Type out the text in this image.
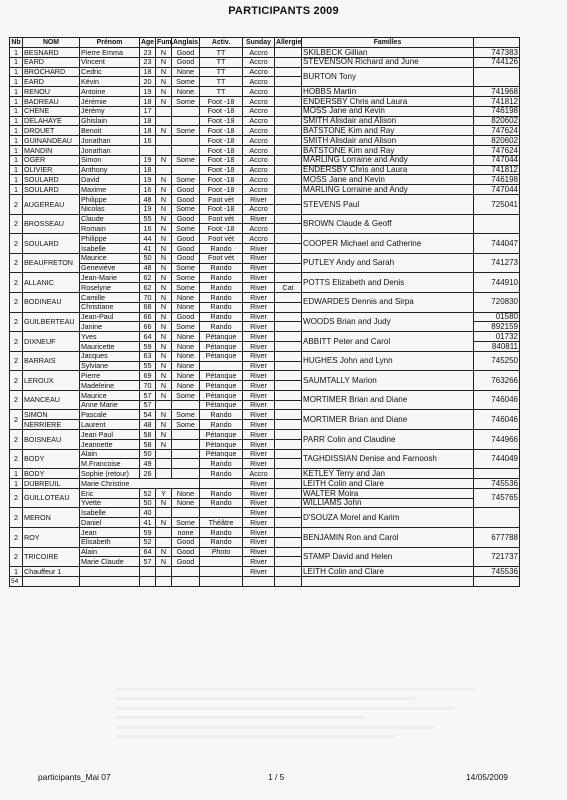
PARTICIPANTS 2009
Nb	NOM	Prénom	Age	Fum.	Anglais	Activ.	Sunday	Allergie	Familles	
1	BESNARD	Pierre Emma	23	N	Good	TT	Accro		SKILBECK Gillian	747383
1	EARD	Vincent	23	N	Good	TT	Accro		STEVENSON Richard and June	744126
1	BROCHARD	Cedric	18	N	None	TT	Accro		BURTON Tony	
1	EARD	Kévin	20	N	Some	TT	Accro			
1	RENOU	Antoine	19	N	None	TT	Accro		HOBBS Martin	741968
1	BADREAU	Jérémie	18	N	Some	Foot -18	Accro		ENDERSBY Chris and Laura	741812
1	CHENE	Jérémy	17			Foot -18	Accro		MOSS Jane and Kevin	746198
1	DELAHAYE	Ghislain	18			Foot -19	Accro		SMITH Alisdair and Alison	820602
1	DROUET	Benoit	18	N	Some	Foot -18	Accro		BATSTONE Kim and Ray	747624
1	GUINANDEAU	Jonathan	16			Foot -18	Accro		SMITH Alisdair and Alison	820602
1	MANDIN	Jonathan				Foot -18	Accro		BATSTONE Kim and Ray	747624
1	OGER	Simon	19	N	Some	Foot -18	Accro		MARLING Lorraine and Andy	747044
1	OLIVIER	Anthony	18			Foot -18	Accro		ENDERSBY Chris and Laura	741812
1	SOULARD	David	19	N	Some	Foot -18	Accro		MOSS Jane and Kevin	746198
1	SOULARD	Maxime	16	N	Good	Foot -18	Accro		MARLING Lorraine and Andy	747044
2	AUGEREAU	Philippe	48	N	Good	Foot vét	River		STEVENS Paul	725041
		Nicolas	19	N	Some	Foot -18	Accro			
2	BROSSEAU	Claude	55	N	Good	Foot vét	River		BROWN Claude & Geoff	
		Romain	16	N	Some	Foot -18	Accro			
2	SOULARD	Philippe	44	N	Good	Foot vét	Accro		COOPER Michael and Catherine	744047
		Isabelle	41	N	Good	Rando	River			
2	BEAUFRETON	Maurice	50	N	Good	Foot vét	River		PUTLEY Andy and Sarah	741273
		Geneviève	48	N	Some	Rando	River			
2	ALLANIC	Jean-Marie	62	N	Some	Rando	River		POTTS Elizabeth and Denis	744910
		Roselyne	62	N	Some	Rando	River	Cat		
2	BODINEAU	Camille	70	N	None	Rando	River		EDWARDES Dennis and Sirpa	720830
		Christiane	68	N	None	Rando	River			
2	GUILBERTEAU	Jean-Paul	66	N	Good	Rando	River		WOODS Brian and Judy	01580
		Janine	66	N	Some	Rando	River			892159
2	DIXNEUF	Yves	64	N	None	Pétanque	River		ABBITT Peter and Carol	01732
		Mauricette	59	N	None	Pétanque	River			840811
2	BARRAIS	Jacques	63	N	None	Pétanque	River		HUGHES John and Lynn	745250
		Sylviane	55	N	None		River			
2	LEROUX	Pierre	69	N	None	Pétanque	River		SAUMTALLY Marion	763266
		Madeleine	70	N	None	Pétanque	River			
2	MANCEAU	Maurice	57	N	Some	Pétanque	River		MORTIMER Brian and Diane	746046
		Anne Marie	57			Pétanque	River			
2	SIMON	Pascale	54	N	Some	Rando	River		MORTIMER Brian and Diane	746046
	NERRIERE	Laurent	48	N	Some	Rando	River			
2	BOISNEAU	Jean Paul	58	N		Pétanque	River		PARR Colin and Claudine	744966
		Jeannette	58	N		Pétanque	River			
2	BODY	Alain	50			Pétanque	River		TAGHDISSIAN Denise and Farnoosh	744049
		M.Francoise	49			Rando	River			
1	BODY	Sophie (retour)	26			Rando	Accro		KETLEY Terry and Jan	
1	DUBREUIL	Marie Christine					River		LEITH Colin and Clare	745536
2	GUILLOTEAU	Eric	52	Y	None	Rando	River		WALTER Moira	745765
		Yvette	50	N	None	Rando	River		WILLIAMS John	
2	MERON	Isabelle	40				River		D'SOUZA Morel and Karim	
		Daniel	41	N	Some	Théâtre	River			
2	ROY	Jean	59		none	Rando	River		BENJAMIN Ron and Carol	677788
		Elisabeth	52		Good	Rando	River			
2	TRICOIRE	Alain	64	N	Good	Photo	River		STAMP David and Helen	721737
		Marie Claude	57	N	Good		River			
1	Chauffeur 1						River		LEITH Colin and Clare	745536
54										
participants_Mai 07	1 / 5	14/05/2009
